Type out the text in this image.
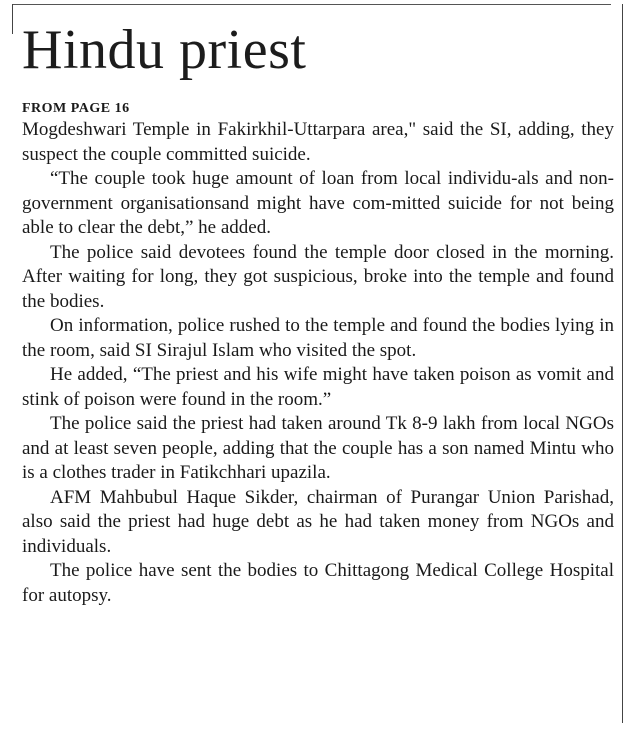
Hindu priest
FROM PAGE 16

Mogdeshwari Temple in Fakirkhil-Uttarpara area," said the SI, adding, they suspect the couple committed suicide.

“The couple took huge amount of loan from local individu-als and non-government organisationsand might have com-mitted suicide for not being able to clear the debt,” he added.

The police said devotees found the temple door closed in the morning. After waiting for long, they got suspicious, broke into the temple and found the bodies.

On information, police rushed to the temple and found the bodies lying in the room, said SI Sirajul Islam who visited the spot.

He added, “The priest and his wife might have taken poison as vomit and stink of poison were found in the room.”

The police said the priest had taken around Tk 8-9 lakh from local NGOs and at least seven people, adding that the couple has a son named Mintu who is a clothes trader in Fatikchhari upazila.

AFM Mahbubul Haque Sikder, chairman of Purangar Union Parishad, also said the priest had huge debt as he had taken money from NGOs and individuals.

The police have sent the bodies to Chittagong Medical College Hospital for autopsy.
